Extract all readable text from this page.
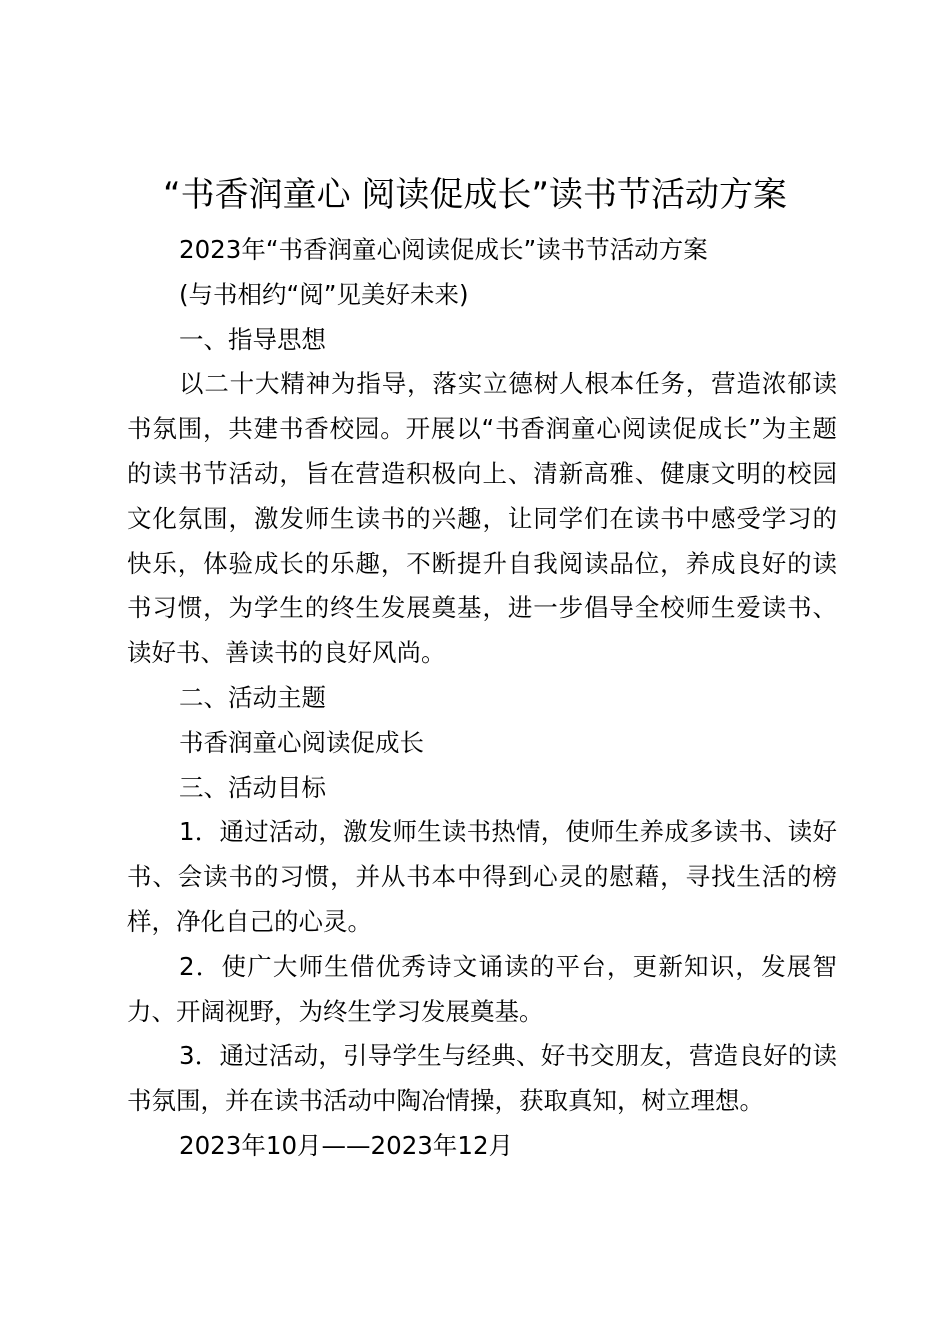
“书香润童心 阅读促成长”读书节活动方案
2023年“书香润童心阅读促成长”读书节活动方案
(与书相约“阅”见美好未来)
一、指导思想

以二十大精神为指导，落实立德树人根本任务，营造浓郁读书氛围，共建书香校园。开展以“书香润童心阅读促成长”为主题的读书节活动，旨在营造积极向上、清新高雅、健康文明的校园文化氛围，激发师生读书的兴趣，让同学们在读书中感受学习的快乐，体验成长的乐趣，不断提升自我阅读品位，养成良好的读书习惯，为学生的终生发展奠基，进一步倡导全校师生爱读书、读好书、善读书的良好风尚。

二、活动主题
书香润童心阅读促成长
三、活动目标

1．通过活动，激发师生读书热情，使师生养成多读书、读好书、会读书的习惯，并从书本中得到心灵的慰藉，寻找生活的榜样，净化自己的心灵。

2．使广大师生借优秀诗文诵读的平台，更新知识，发展智力、开阔视野，为终生学习发展奠基。

3．通过活动，引导学生与经典、好书交朋友，营造良好的读书氛围，并在读书活动中陶冶情操，获取真知，树立理想。

2023年10月——2023年12月
